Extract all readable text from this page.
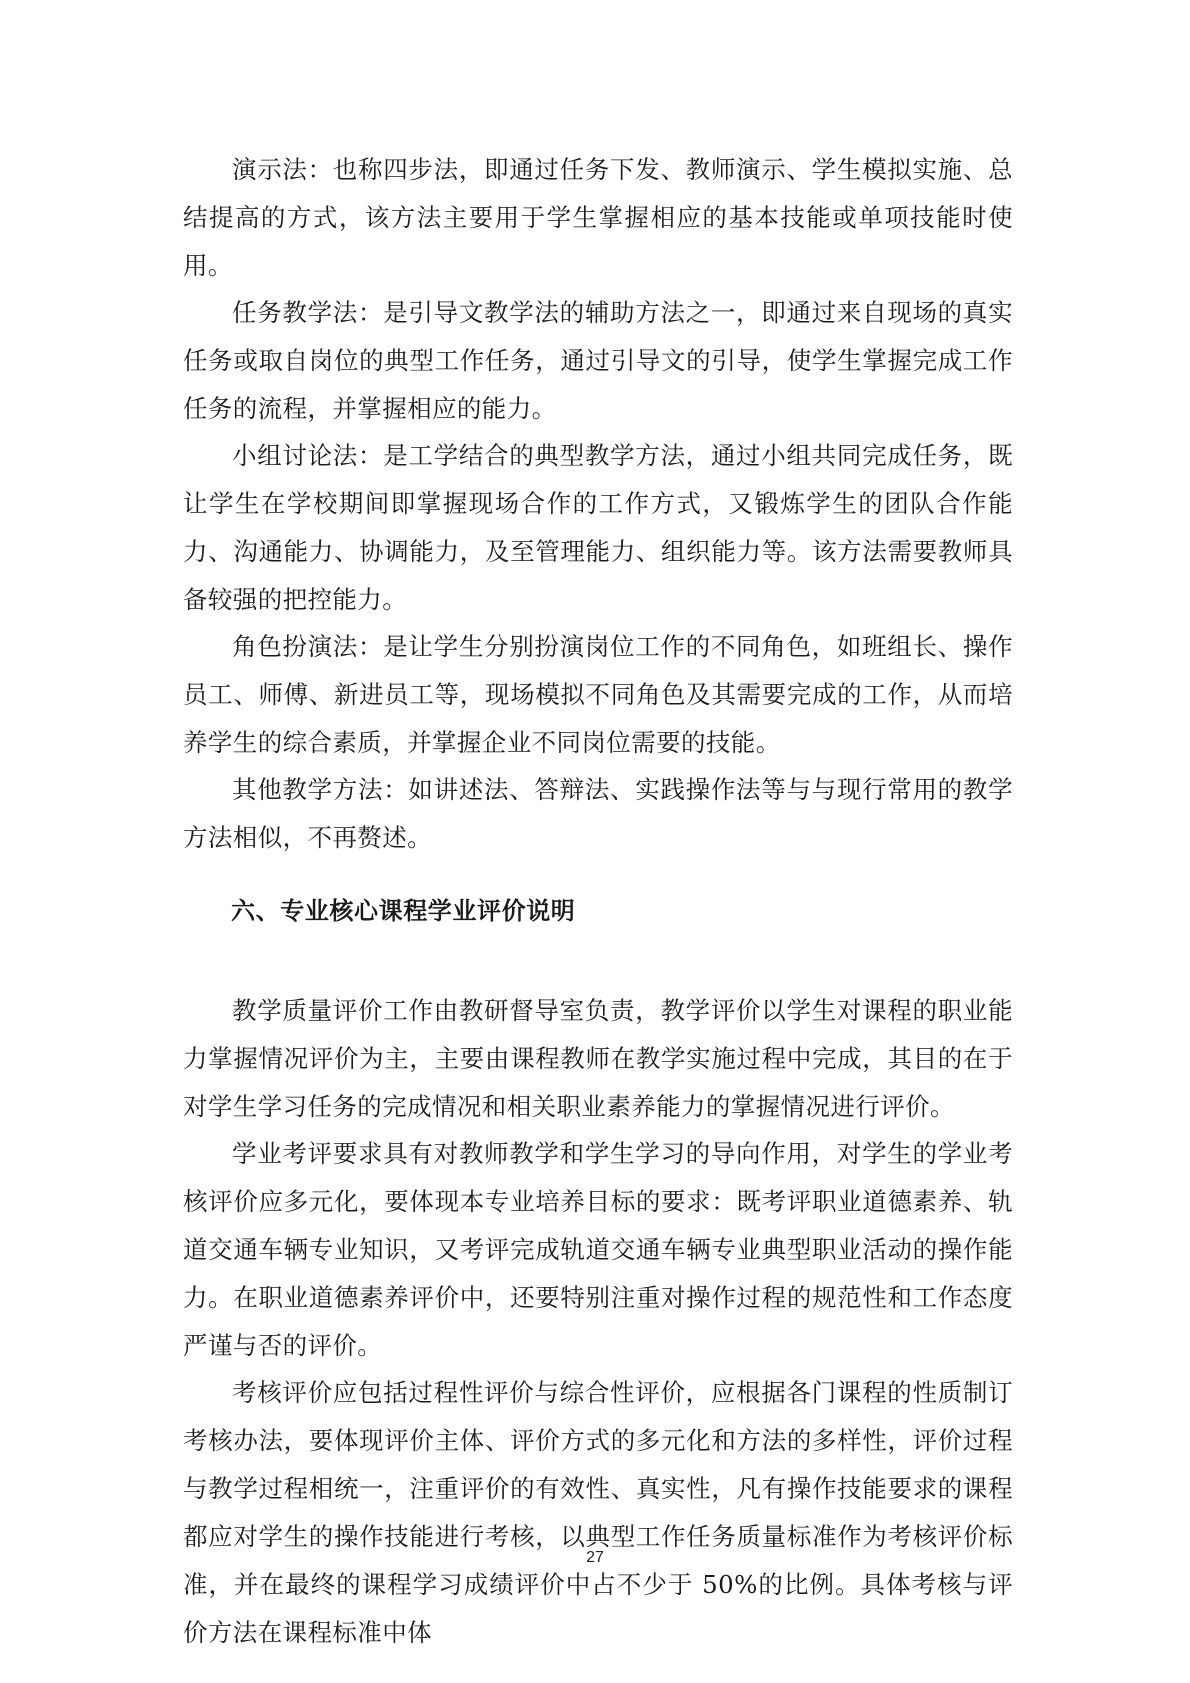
演示法：也称四步法，即通过任务下发、教师演示、学生模拟实施、总结提高的方式，该方法主要用于学生掌握相应的基本技能或单项技能时使用。

任务教学法：是引导文教学法的辅助方法之一，即通过来自现场的真实任务或取自岗位的典型工作任务，通过引导文的引导，使学生掌握完成工作任务的流程，并掌握相应的能力。

小组讨论法：是工学结合的典型教学方法，通过小组共同完成任务，既让学生在学校期间即掌握现场合作的工作方式，又锻炼学生的团队合作能力、沟通能力、协调能力，及至管理能力、组织能力等。该方法需要教师具备较强的把控能力。

角色扮演法：是让学生分别扮演岗位工作的不同角色，如班组长、操作员工、师傅、新进员工等，现场模拟不同角色及其需要完成的工作，从而培养学生的综合素质，并掌握企业不同岗位需要的技能。

其他教学方法：如讲述法、答辩法、实践操作法等与与现行常用的教学方法相似，不再赘述。

六、专业核心课程学业评价说明

教学质量评价工作由教研督导室负责，教学评价以学生对课程的职业能力掌握情况评价为主，主要由课程教师在教学实施过程中完成，其目的在于对学生学习任务的完成情况和相关职业素养能力的掌握情况进行评价。

学业考评要求具有对教师教学和学生学习的导向作用，对学生的学业考核评价应多元化，要体现本专业培养目标的要求：既考评职业道德素养、轨道交通车辆专业知识，又考评完成轨道交通车辆专业典型职业活动的操作能力。在职业道德素养评价中，还要特别注重对操作过程的规范性和工作态度严谨与否的评价。

考核评价应包括过程性评价与综合性评价，应根据各门课程的性质制订考核办法，要体现评价主体、评价方式的多元化和方法的多样性，评价过程与教学过程相统一，注重评价的有效性、真实性，凡有操作技能要求的课程都应对学生的操作技能进行考核，以典型工作任务质量标准作为考核评价标准，并在最终的课程学习成绩评价中占不少于 50%的比例。具体考核与评价方法在课程标准中体

27
